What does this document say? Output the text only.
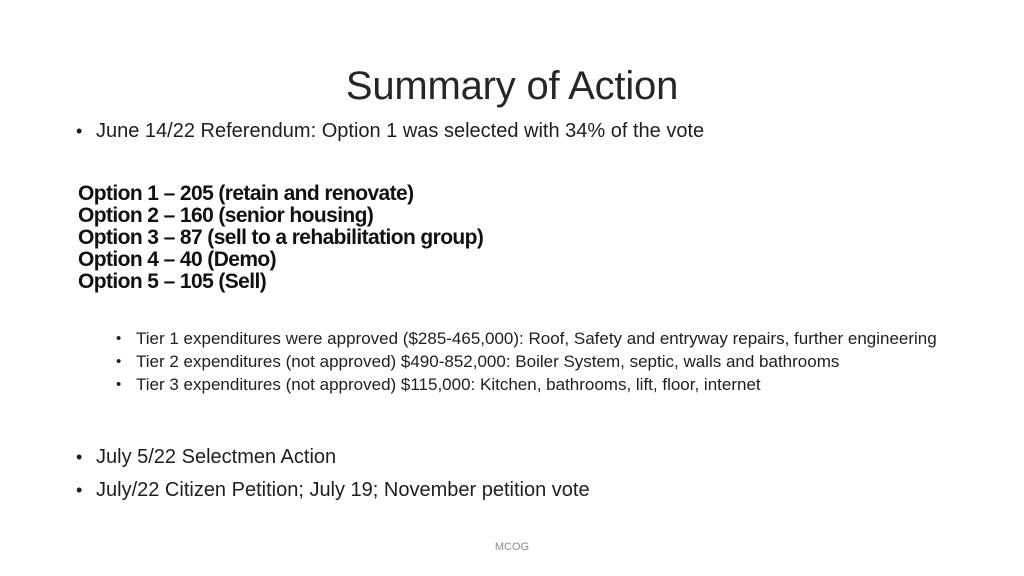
Summary of Action
• June 14/22 Referendum: Option 1 was selected with 34% of the vote
Option 1 – 205 (retain and renovate)
Option 2 – 160 (senior housing)
Option 3 – 87 (sell to a rehabilitation group)
Option 4 – 40 (Demo)
Option 5 – 105 (Sell)
• Tier 1 expenditures were approved ($285-465,000): Roof, Safety and entryway repairs, further engineering
• Tier 2 expenditures (not approved) $490-852,000: Boiler System, septic, walls and bathrooms
• Tier 3 expenditures (not approved) $115,000: Kitchen, bathrooms, lift, floor, internet
• July 5/22 Selectmen Action
• July/22 Citizen Petition; July 19; November petition vote
MCOG
